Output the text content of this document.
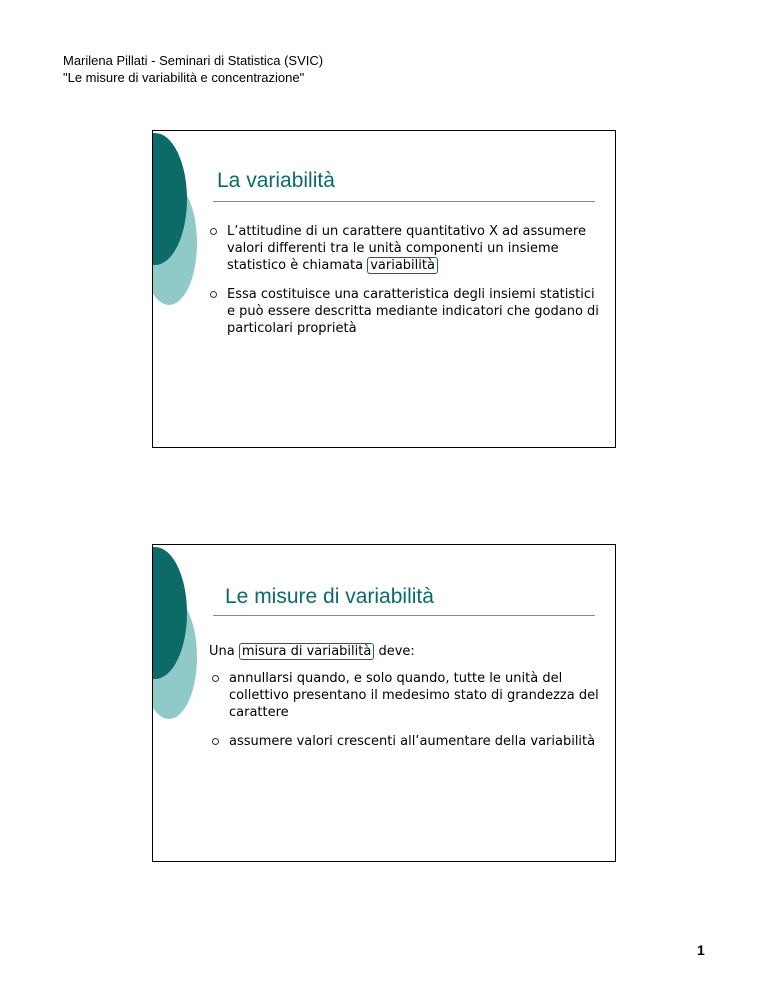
Marilena Pillati - Seminari di Statistica (SVIC)
"Le misure di variabilità e concentrazione"
La variabilità
L’attitudine di un carattere quantitativo X ad assumere valori differenti tra le unità componenti un insieme statistico è chiamata variabilità
Essa costituisce una caratteristica degli insiemi statistici e può essere descritta mediante indicatori che godano di particolari proprietà
Le misure di variabilità
Una misura di variabilità deve:
annullarsi quando, e solo quando, tutte le unità del collettivo presentano il medesimo stato di grandezza del carattere
assumere valori crescenti all’aumentare della variabilità
1
